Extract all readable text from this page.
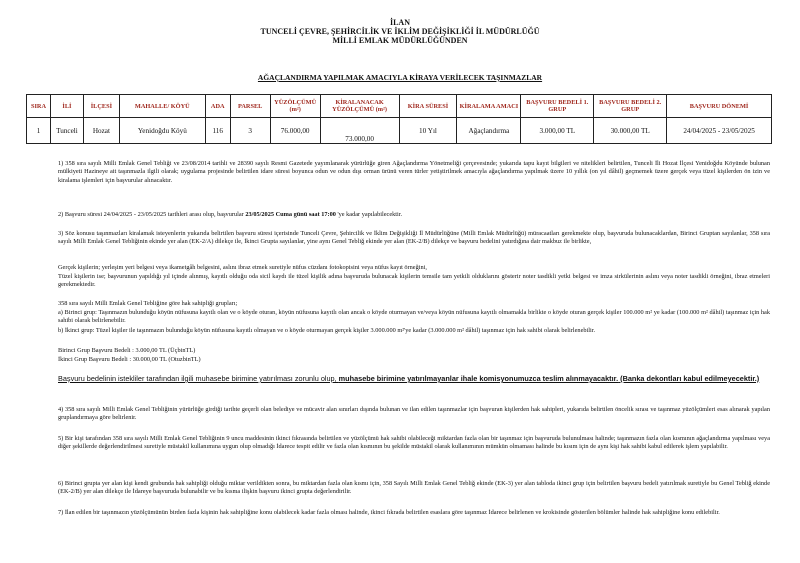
İLAN
TUNCELİ ÇEVRE, ŞEHİRCİLİK VE İKLİM DEĞİŞİKLİĞİ İL MÜDÜRLÜĞÜ
MİLLİ EMLAK MÜDÜRLÜĞÜNDEN
AĞAÇLANDIRMA YAPILMAK AMACIYLA KİRAYA VERİLECEK TAŞINMAZLAR
SIRA	İLİ	İLÇESİ	MAHALLE/ KÖYÜ	ADA	PARSEL	YÜZÖLÇÜMÜ (m²)	KİRALANACAK YÜZÖLÇÜMÜ (m²)	KİRA SÜRESİ	KİRALAMA AMACI	BAŞVURU BEDELİ 1. GRUP	BAŞVURU BEDELİ 2. GRUP	BAŞVURU DÖNEMİ
1	Tunceli	Hozat	Yenidoğdu Köyü	116	3	76.000,00	73.000,00	10 Yıl	Ağaçlandırma	3.000,00 TL	30.000,00 TL	24/04/2025 - 23/05/2025

1) 358 sıra sayılı Milli Emlak Genel Tebliği ve 23/08/2014 tarihli ve 28390 sayılı Resmi Gazetede yayımlanarak yürürlüğe giren Ağaçlandırma Yönetmeliği çerçevesinde; yukarıda tapu kayıt bilgileri ve nitelikleri belirtilen, Tunceli İli Hozat İlçesi Yenidoğdu Köyünde bulunan mülkiyeti Hazineye ait taşınmazla ilgili olarak; uygulama projesinde belirtilen idare süresi boyunca odun ve odun dışı orman ürünü veren türler yetiştirilmek amacıyla ağaçlandırma yapılmak üzere 10 yıllık (on yıl dâhil) geçmemek üzere gerçek veya tüzel kişilerden ön izin ve kiralama işlemleri için başvurular alınacaktır.

2) Başvuru süresi 24/04/2025 - 23/05/2025 tarihleri arası olup, başvurular 23/05/2025 Cuma günü saat 17:00 'ye kadar yapılabilecektir.

3) Söz konusu taşınmazları kiralamak isteyenlerin yukarıda belirtilen başvuru süresi içerisinde Tunceli Çevre, Şehircilik ve İklim Değişikliği İl Müdürlüğüne (Milli Emlak Müdürlüğü) müracaatları gerekmekte olup, başvuruda bulunacaklardan, Birinci Gruptan sayılanlar, 358 sıra sayılı Milli Emlak Genel Tebliğinin ekinde yer alan (EK-2/A) dilekçe ile, İkinci Grupta sayılanlar, yine aynı Genel Tebliğ ekinde yer alan (EK-2/B) dilekçe ve başvuru bedelini yatırdığına dair makbuz ile birlikte,

Gerçek kişilerin; yerleşim yeri belgesi veya ikametgâh belgesini, aslını ibraz etmek suretiyle nüfus cüzdanı fotokopisini veya nüfus kayıt örneğini,

Tüzel kişilerin ise; başvurunun yapıldığı yıl içinde alınmış, kayıtlı olduğu oda sicil kaydı ile tüzel kişilik adına başvuruda bulunacak kişilerin temsile tam yetkili olduklarını gösterir noter tasdikli yetki belgesi ve imza sirkülerinin aslını veya noter tasdikli örneğini, ibraz etmeleri gerekmektedir.

358 sıra sayılı Milli Emlak Genel Tebliğine göre hak sahipliği grupları;

a) Birinci grup: Taşınmazın bulunduğu köyün nüfusuna kayıtlı olan ve o köyde oturan, köyün nüfusuna kayıtlı olan ancak o köyde oturmayan ve/veya köyün nüfusuna kayıtlı olmamakla birlikte o köyde oturan gerçek kişiler 100.000 m² ye kadar (100.000 m² dâhil) taşınmaz için hak sahibi olarak belirlenebilir.

b) İkinci grup: Tüzel kişiler ile taşınmazın bulunduğu köyün nüfusuna kayıtlı olmayan ve o köyde oturmayan gerçek kişiler 3.000.000 m²'ye kadar (3.000.000 m² dâhil) taşınmaz için hak sahibi olarak belirlenebilir.

Birinci Grup Başvuru Bedeli : 3.000,00 TL (ÜçbinTL)

İkinci Grup Başvuru Bedeli : 30.000,00 TL (OtuzbinTL)

Başvuru bedelinin istekliler tarafından ilgili muhasebe birimine yatırılması zorunlu olup, muhasebe birimine yatırılmayanlar ihale komisyonumuzca teslim alınmayacaktır. (Banka dekontları kabul edilmeyecektir.)

4) 358 sıra sayılı Milli Emlak Genel Tebliğinin yürürlüğe girdiği tarihte geçerli olan belediye ve mücavir alan sınırları dışında bulunan ve ilan edilen taşınmazlar için başvuran kişilerden hak sahipleri, yukarıda belirtilen öncelik sırası ve taşınmaz yüzölçümleri esas alınarak yapılan gruplandırmaya göre belirlenir.

5) Bir kişi tarafından 358 sıra sayılı Milli Emlak Genel Tebliğinin 9 uncu maddesinin ikinci fıkrasında belirtilen ve yüzölçümü hak sahibi olabileceği miktardan fazla olan bir taşınmaz için başvuruda bulunulması halinde; taşınmazın fazla olan kısmının ağaçlandırma yapılması veya diğer şekillerde değerlendirilmesi suretiyle müstakil kullanımına uygun olup olmadığı İdarece tespit edilir ve fazla olan kısmının bu şekilde müstakil olarak kullanımının mümkün olmaması halinde bu kısım için de aynı kişi hak sahibi kabul edilerek işlem yapılabilir.

6) Birinci grupta yer alan kişi kendi grubunda hak sahipliği olduğu miktar verildikten sonra, bu miktardan fazla olan kısmı için, 358 Sayılı Milli Emlak Genel Tebliğ ekinde (EK-3) yer alan tabloda ikinci grup için belirtilen başvuru bedeli yatırılmak suretiyle bu Genel Tebliğ ekinde (EK-2/B) yer alan dilekçe ile İdareye başvuruda bulunabilir ve bu kısma ilişkin başvuru ikinci grupta değerlendirilir.

7) İlan edilen bir taşınmazın yüzölçümünün birden fazla kişinin hak sahipliğine konu olabilecek kadar fazla olması halinde, ikinci fıkrada belirtilen esaslara göre taşınmaz İdarece belirlenen ve krokisinde gösterilen bölümler halinde hak sahipliğine konu edilebilir.
